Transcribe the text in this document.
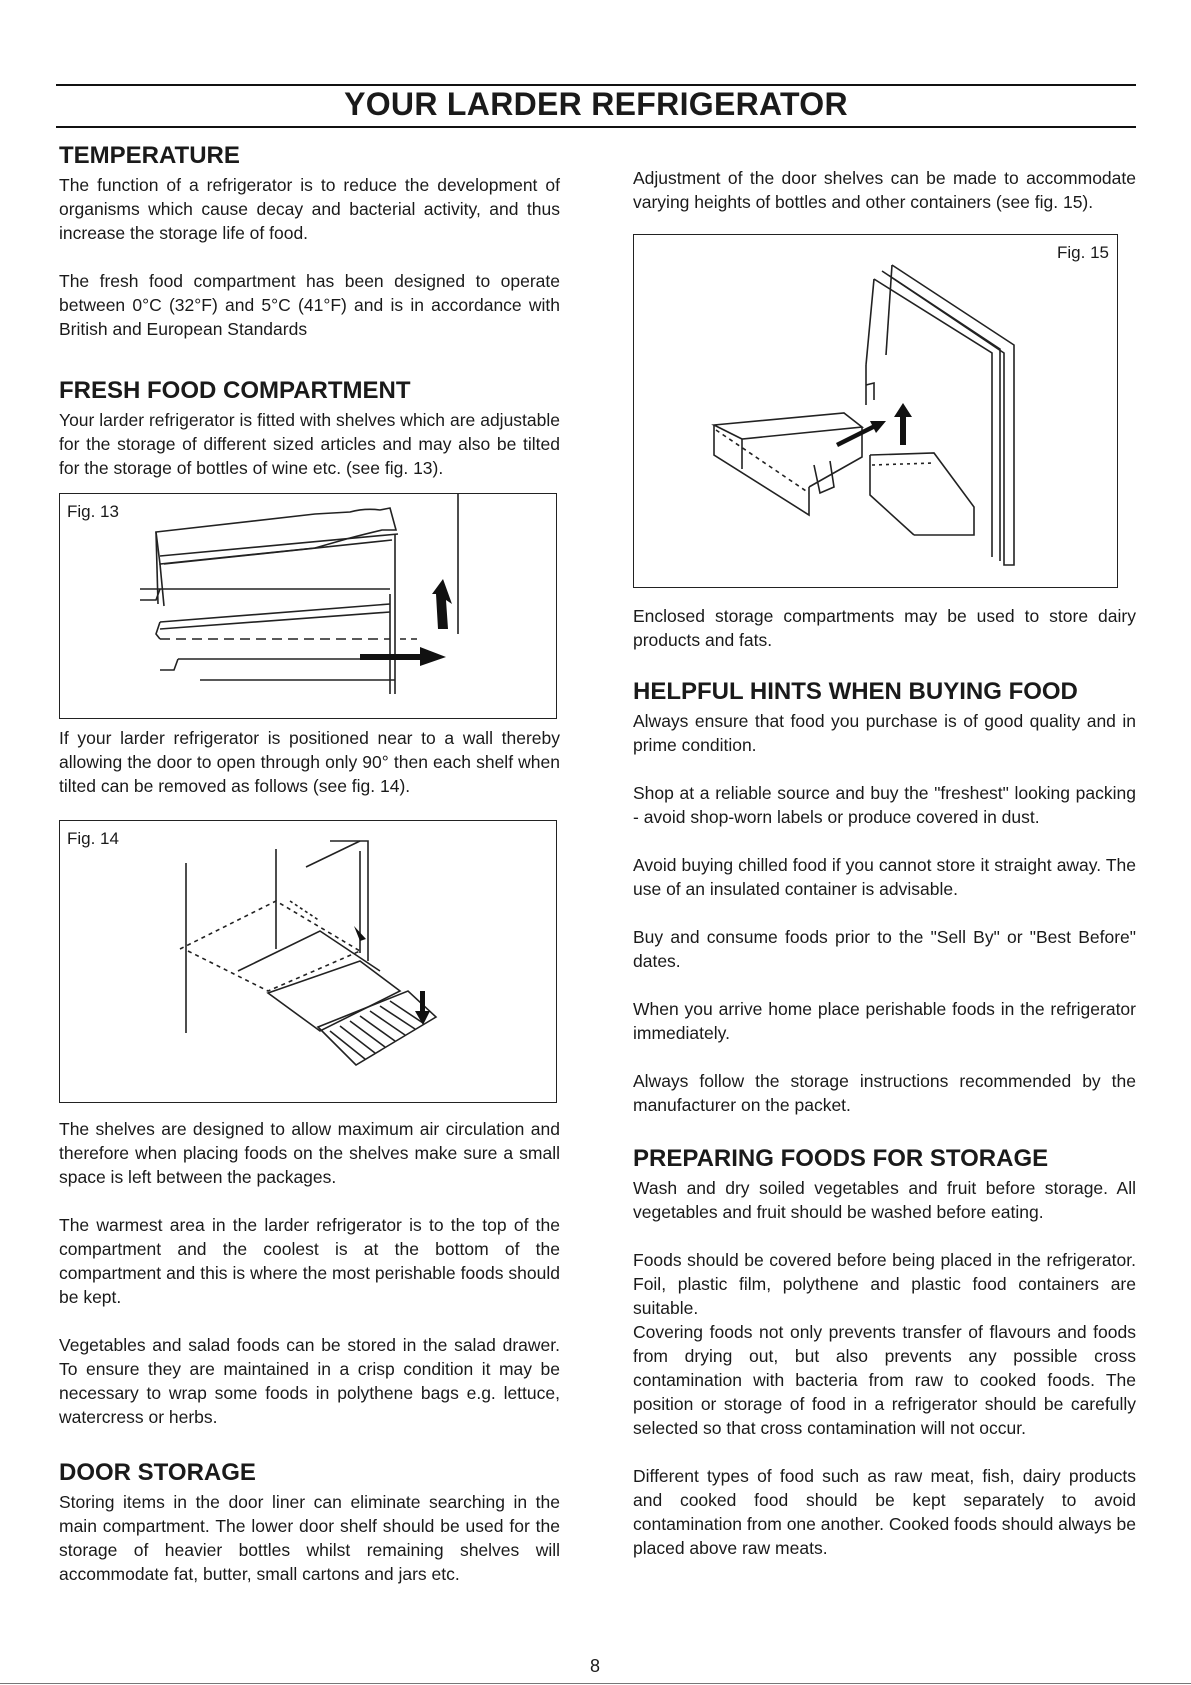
YOUR LARDER REFRIGERATOR
TEMPERATURE

The function of a refrigerator is to reduce the development of organisms which cause decay and bacterial activity, and thus increase the storage life of food.

The fresh food compartment has been designed to operate between 0°C (32°F) and 5°C (41°F) and is in accordance with British and European Standards

FRESH FOOD COMPARTMENT

Your larder refrigerator is fitted with shelves which are adjustable for the storage of different sized articles and may also be tilted for the storage of bottles of wine etc. (see fig. 13).

Fig. 13

If your larder refrigerator is positioned near to a wall thereby allowing the door to open through only 90° then each shelf when tilted can be removed as follows (see fig. 14).

Fig. 14

The shelves are designed to allow maximum air circulation and therefore when placing foods on the shelves make sure a small space is left between the packages.

The warmest area in the larder refrigerator is to the top of the compartment and the coolest is at the bottom of the compartment and this is where the most perishable foods should be kept.

Vegetables and salad foods can be stored in the salad drawer. To ensure they are maintained in a crisp condition it may be necessary to wrap some foods in polythene bags e.g. lettuce, watercress or herbs.

DOOR STORAGE

Storing items in the door liner can eliminate searching in the main compartment. The lower door shelf should be used for the storage of heavier bottles whilst remaining shelves will accommodate fat, butter, small cartons and jars etc.

Adjustment of the door shelves can be made to accommodate varying heights of bottles and other containers (see fig. 15).

Fig. 15

Enclosed storage compartments may be used to store dairy products and fats.

HELPFUL HINTS WHEN BUYING FOOD

Always ensure that food you purchase is of good quality and in prime condition.

Shop at a reliable source and buy the "freshest" looking packing - avoid shop-worn labels or produce covered in dust.

Avoid buying chilled food if you cannot store it straight away. The use of an insulated container is advisable.

Buy and consume foods prior to the "Sell By" or "Best Before" dates.

When you arrive home place perishable foods in the refrigerator immediately.

Always follow the storage instructions recommended by the manufacturer on the packet.

PREPARING FOODS FOR STORAGE

Wash and dry soiled vegetables and fruit before storage. All vegetables and fruit should be washed before eating.

Foods should be covered before being placed in the refrigerator. Foil, plastic film, polythene and plastic food containers are suitable.

Covering foods not only prevents transfer of flavours and foods from drying out, but also prevents any possible cross contamination with bacteria from raw to cooked foods. The position or storage of food in a refrigerator should be carefully selected so that cross contamination will not occur.

Different types of food such as raw meat, fish, dairy products and cooked food should be kept separately to avoid contamination from one another. Cooked foods should always be placed above raw meats.

8
